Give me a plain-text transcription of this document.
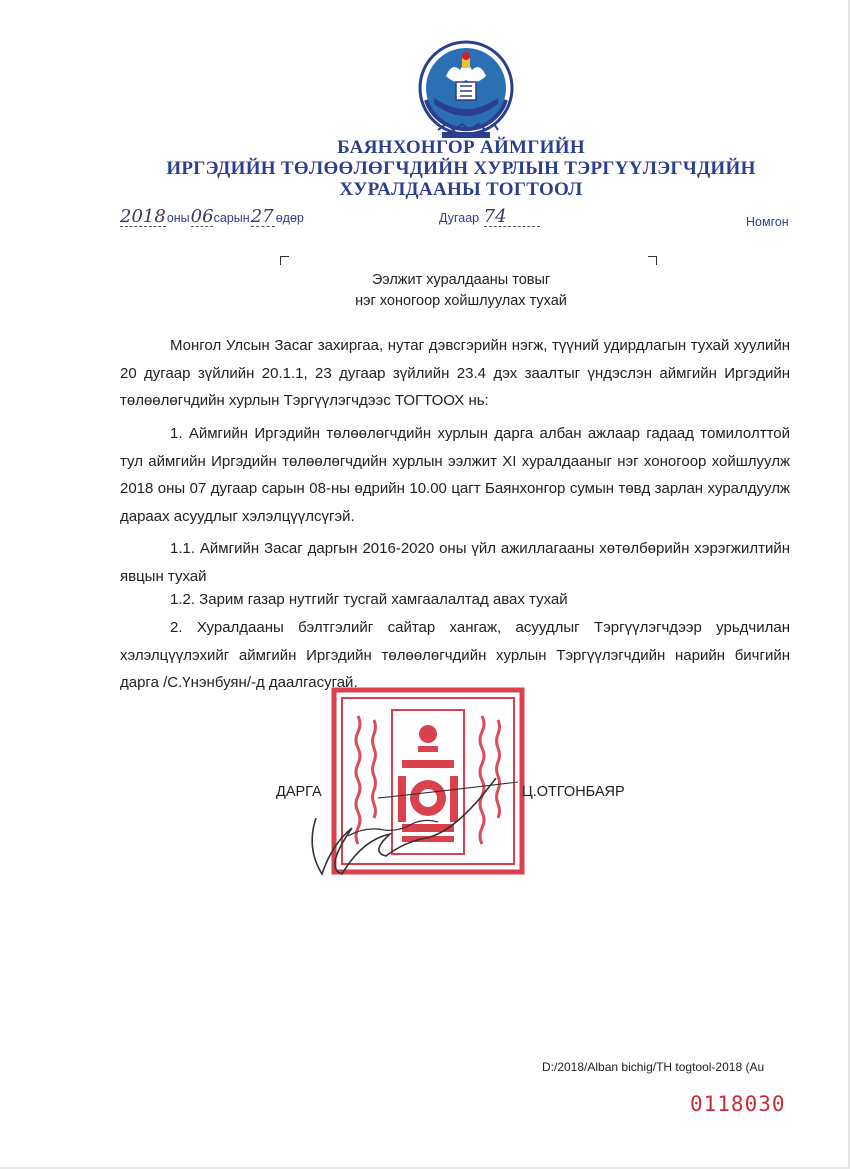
БАЯНХОНГОР АЙМГИЙН
ИРГЭДИЙН ТӨЛӨӨЛӨГЧДИЙН ХУРЛЫН ТЭРГҮҮЛЭГЧДИЙН
ХУРАЛДААНЫ ТОГТООЛ
2018оны06сарын27 өдөр	Дугаар 74	Номгон
Ээлжит хуралдааны товыг
нэг хоногоор хойшлуулах тухай
Монгол Улсын Засаг захиргаа, нутаг дэвсгэрийн нэгж, түүний удирдлагын тухай хуулийн 20 дугаар зүйлийн 20.1.1, 23 дугаар зүйлийн 23.4 дэх заалтыг үндэслэн аймгийн Иргэдийн төлөөлөгчдийн хурлын Тэргүүлэгчдээс ТОГТООХ нь:
1. Аймгийн Иргэдийн төлөөлөгчдийн хурлын дарга албан ажлаар гадаад томилолттой тул аймгийн Иргэдийн төлөөлөгчдийн хурлын ээлжит XI хуралдааныг нэг хоногоор хойшлуулж 2018 оны 07 дугаар сарын 08-ны өдрийн 10.00 цагт Баянхонгор сумын төвд зарлан хуралдуулж дараах асуудлыг хэлэлцүүлсүгэй.
1.1. Аймгийн Засаг даргын 2016-2020 оны үйл ажиллагааны хөтөлбөрийн хэрэгжилтийн явцын тухай
1.2. Зарим газар нутгийг тусгай хамгаалалтад авах тухай
2. Хуралдааны бэлтгэлийг сайтар хангаж, асуудлыг Тэргүүлэгчдээр урьдчилан хэлэлцүүлэхийг аймгийн Иргэдийн төлөөлөгчдийн хурлын Тэргүүлэгчдийн нарийн бичгийн дарга /С.Үнэнбуян/-д даалгасугай.
ДАРГА	Ц.ОТГОНБАЯР
D:/2018/Alban bichig/TH togtool-2018 (Au
0118030
